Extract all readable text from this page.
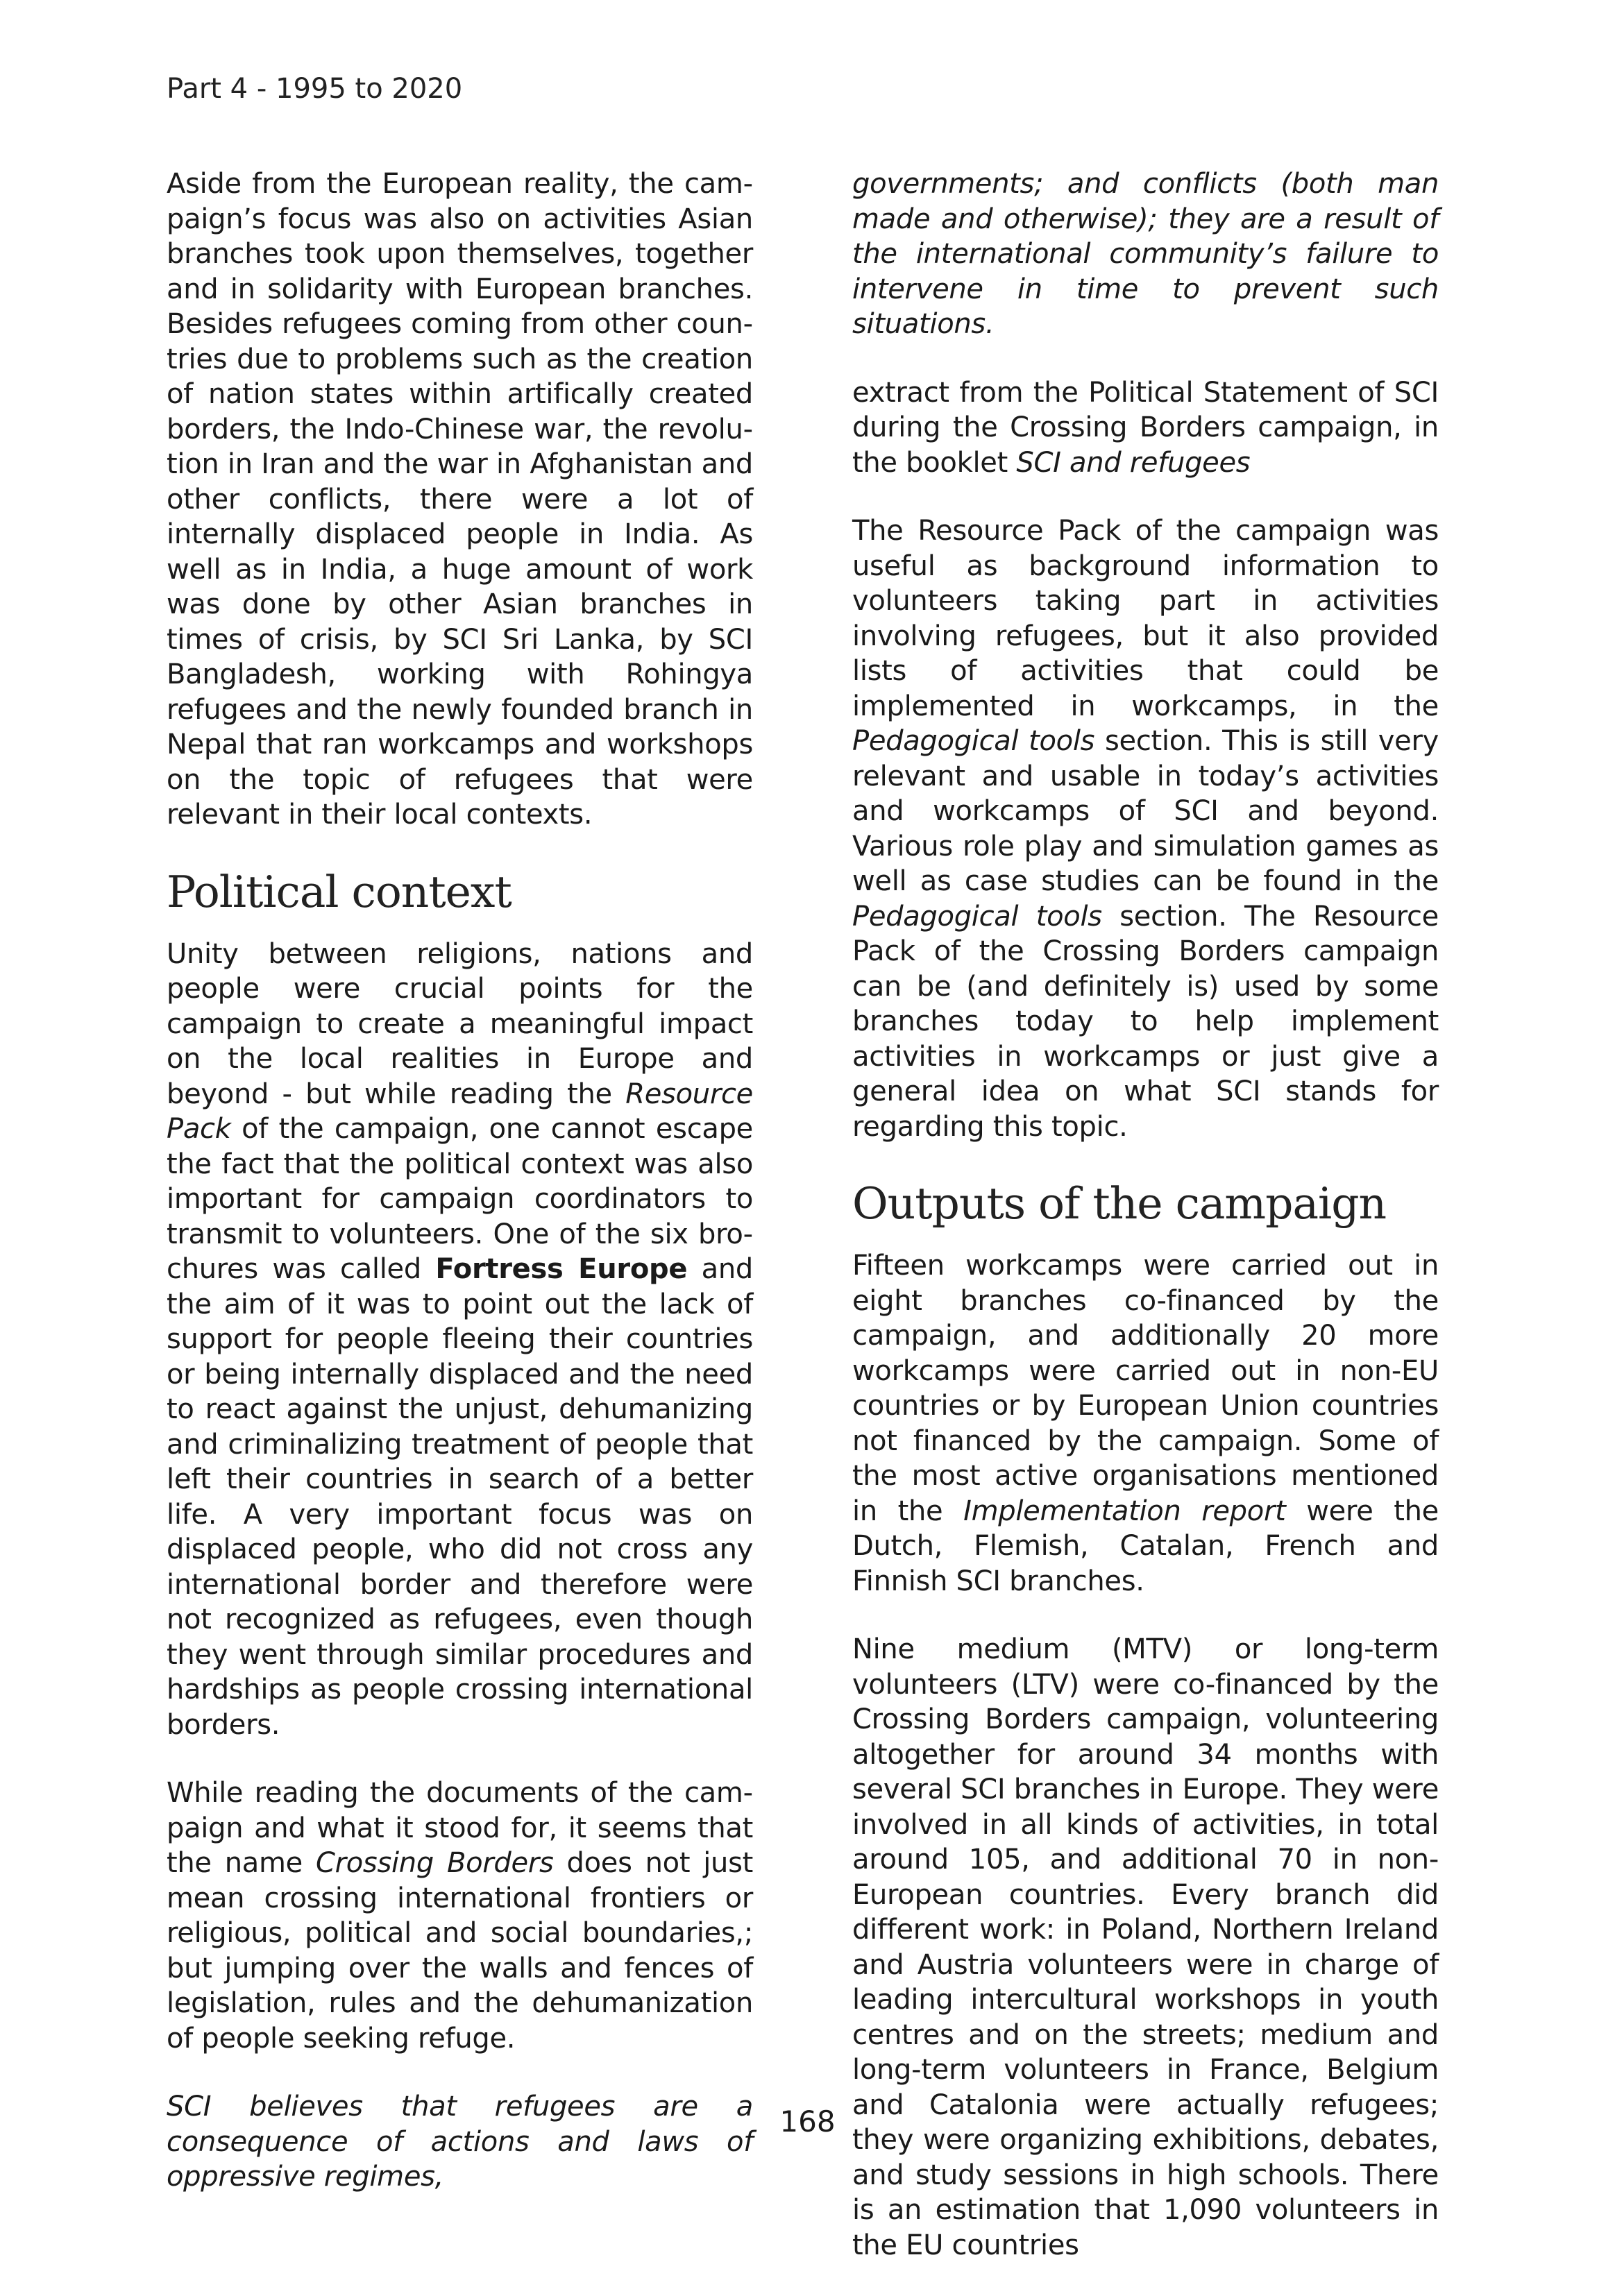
Part 4 - 1995 to 2020

Aside from the European reality, the campaign’s focus was also on activities Asian branches took upon themselves, together and in solidarity with European branches. Besides refugees coming from other countries due to problems such as the creation of nation states within artifically created borders, the Indo-Chinese war, the revolution in Iran and the war in Afghanistan and other conflicts, there were a lot of internally displaced people in India. As well as in India, a huge amount of work was done by other Asian branches in times of crisis, by SCI Sri Lanka, by SCI Bangladesh, working with Rohingya refugees and the newly founded branch in Nepal that ran workcamps and workshops on the topic of refugees that were relevant in their local contexts.

Political context

Unity between religions, nations and people were crucial points for the campaign to create a meaningful impact on the local realities in Europe and beyond - but while reading the Resource Pack of the campaign, one cannot escape the fact that the political context was also important for campaign coordinators to transmit to volunteers. One of the six brochures was called Fortress Europe and the aim of it was to point out the lack of support for people fleeing their countries or being internally displaced and the need to react against the unjust, dehumanizing and criminalizing treatment of people that left their countries in search of a better life. A very important focus was on displaced people, who did not cross any international border and therefore were not recognized as refugees, even though they went through similar procedures and hardships as people crossing international borders.

While reading the documents of the campaign and what it stood for, it seems that the name Crossing Borders does not just mean crossing international frontiers or religious, political and social boundaries,; but jumping over the walls and fences of legislation, rules and the dehumanization of people seeking refuge.

SCI believes that refugees are a consequence of actions and laws of oppressive regimes,

governments; and conflicts (both man made and otherwise); they are a result of the international community’s failure to intervene in time to prevent such situations.

extract from the Political Statement of SCI during the Crossing Borders campaign, in the booklet SCI and refugees

The Resource Pack of the campaign was useful as background information to volunteers taking part in activities involving refugees, but it also provided lists of activities that could be implemented in workcamps, in the Pedagogical tools section. This is still very relevant and usable in today’s activities and workcamps of SCI and beyond. Various role play and simulation games as well as case studies can be found in the Pedagogical tools section. The Resource Pack of the Crossing Borders campaign can be (and definitely is) used by some branches today to help implement activities in workcamps or just give a general idea on what SCI stands for regarding this topic.

Outputs of the campaign

Fifteen workcamps were carried out in eight branches co-financed by the campaign, and additionally 20 more workcamps were carried out in non-EU countries or by European Union countries not financed by the campaign. Some of the most active organisations mentioned in the Implementation report were the Dutch, Flemish, Catalan, French and Finnish SCI branches.

Nine medium (MTV) or long-term volunteers (LTV) were co-financed by the Crossing Borders campaign, volunteering altogether for around 34 months with several SCI branches in Europe. They were involved in all kinds of activities, in total around 105, and additional 70 in non-European countries. Every branch did different work: in Poland, Northern Ireland and Austria volunteers were in charge of leading intercultural workshops in youth centres and on the streets; medium and long-term volunteers in France, Belgium and Catalonia were actually refugees; they were organizing exhibitions, debates, and study sessions in high schools. There is an estimation that 1,090 volunteers in the EU countries

168
